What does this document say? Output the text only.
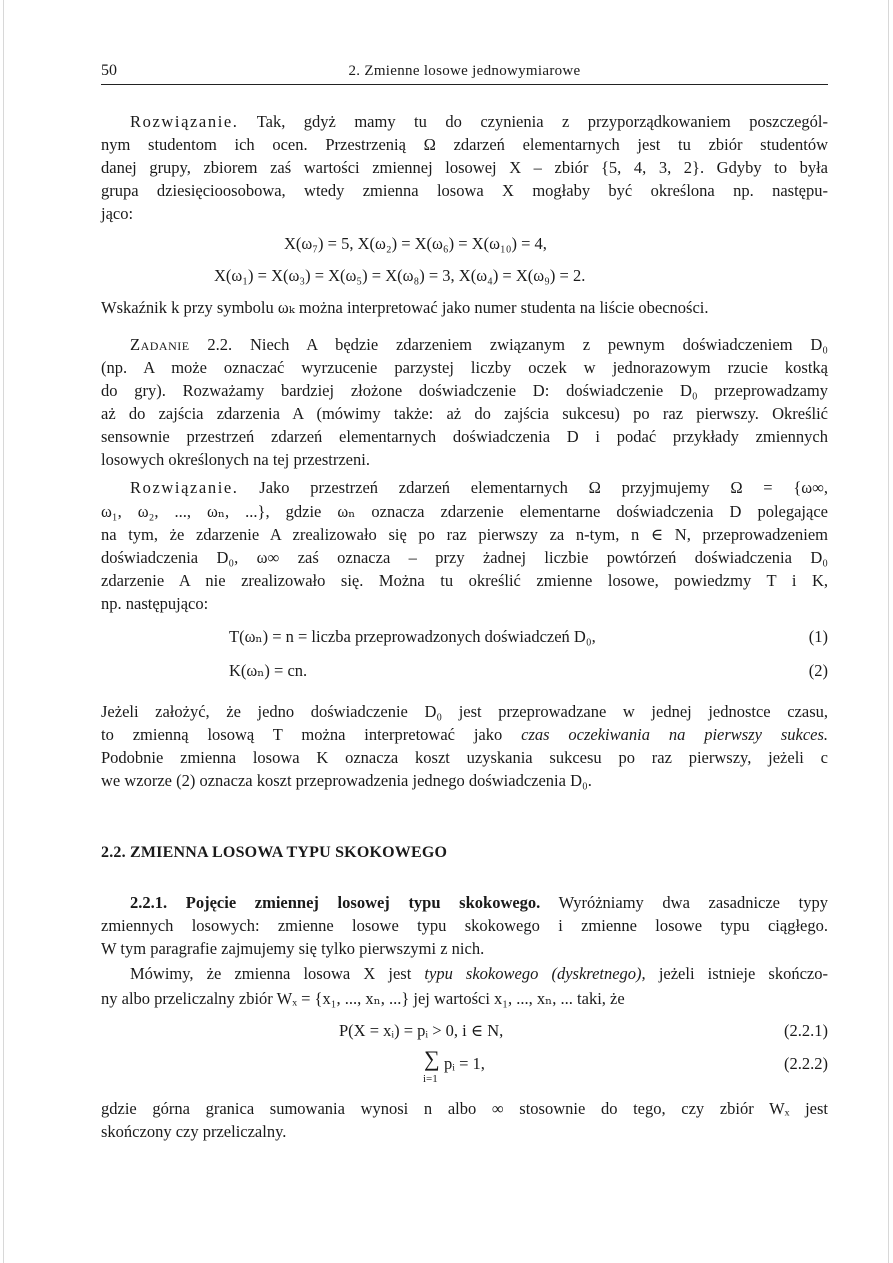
50	2. Zmienne losowe jednowymiarowe
Rozwiązanie. Tak, gdyż mamy tu do czynienia z przyporządkowaniem poszczegól-
nym studentom ich ocen. Przestrzenią Ω zdarzeń elementarnych jest tu zbiór studentów
danej grupy, zbiorem zaś wartości zmiennej losowej X – zbiór {5, 4, 3, 2}. Gdyby to była
grupa dziesięcioosobowa, wtedy zmienna losowa X mogłaby być określona np. następu-
jąco:
X(ω₇) = 5, X(ω₂) = X(ω₆) = X(ω₁₀) = 4,
X(ω₁) = X(ω₃) = X(ω₅) = X(ω₈) = 3, X(ω₄) = X(ω₉) = 2.
Wskaźnik k przy symbolu ωₖ można interpretować jako numer studenta na liście obecności.
Zadanie 2.2. Niech A będzie zdarzeniem związanym z pewnym doświadczeniem D₀
(np. A może oznaczać wyrzucenie parzystej liczby oczek w jednorazowym rzucie kostką
do gry). Rozważamy bardziej złożone doświadczenie D: doświadczenie D₀ przeprowadzamy
aż do zajścia zdarzenia A (mówimy także: aż do zajścia sukcesu) po raz pierwszy. Określić
sensownie przestrzeń zdarzeń elementarnych doświadczenia D i podać przykłady zmiennych
losowych określonych na tej przestrzeni.
Rozwiązanie. Jako przestrzeń zdarzeń elementarnych Ω przyjmujemy Ω = {ω∞,
ω₁, ω₂, ..., ωₙ, ...}, gdzie ωₙ oznacza zdarzenie elementarne doświadczenia D polegające
na tym, że zdarzenie A zrealizowało się po raz pierwszy za n-tym, n ∈ N, przeprowadzeniem
doświadczenia D₀, ω∞ zaś oznacza – przy żadnej liczbie powtórzeń doświadczenia D₀
zdarzenie A nie zrealizowało się. Można tu określić zmienne losowe, powiedzmy T i K,
np. następująco:
T(ωₙ) = n = liczba przeprowadzonych doświadczeń D₀,	(1)
K(ωₙ) = cn.	(2)
Jeżeli założyć, że jedno doświadczenie D₀ jest przeprowadzane w jednej jednostce czasu,
to zmienną losową T można interpretować jako czas oczekiwania na pierwszy sukces.
Podobnie zmienna losowa K oznacza koszt uzyskania sukcesu po raz pierwszy, jeżeli c
we wzorze (2) oznacza koszt przeprowadzenia jednego doświadczenia D₀.
2.2. ZMIENNA LOSOWA TYPU SKOKOWEGO
2.2.1. Pojęcie zmiennej losowej typu skokowego. Wyróżniamy dwa zasadnicze typy
zmiennych losowych: zmienne losowe typu skokowego i zmienne losowe typu ciągłego.
W tym paragrafie zajmujemy się tylko pierwszymi z nich.
Mówimy, że zmienna losowa X jest typu skokowego (dyskretnego), jeżeli istnieje skończo-
ny albo przeliczalny zbiór Wₓ = {x₁, ..., xₙ, ...} jej wartości x₁, ..., xₙ, ... taki, że
P(X = xᵢ) = pᵢ > 0, i ∈ N,	(2.2.1)
∑
i=1
pᵢ = 1,	(2.2.2)
gdzie górna granica sumowania wynosi n albo ∞ stosownie do tego, czy zbiór Wₓ jest
skończony czy przeliczalny.
